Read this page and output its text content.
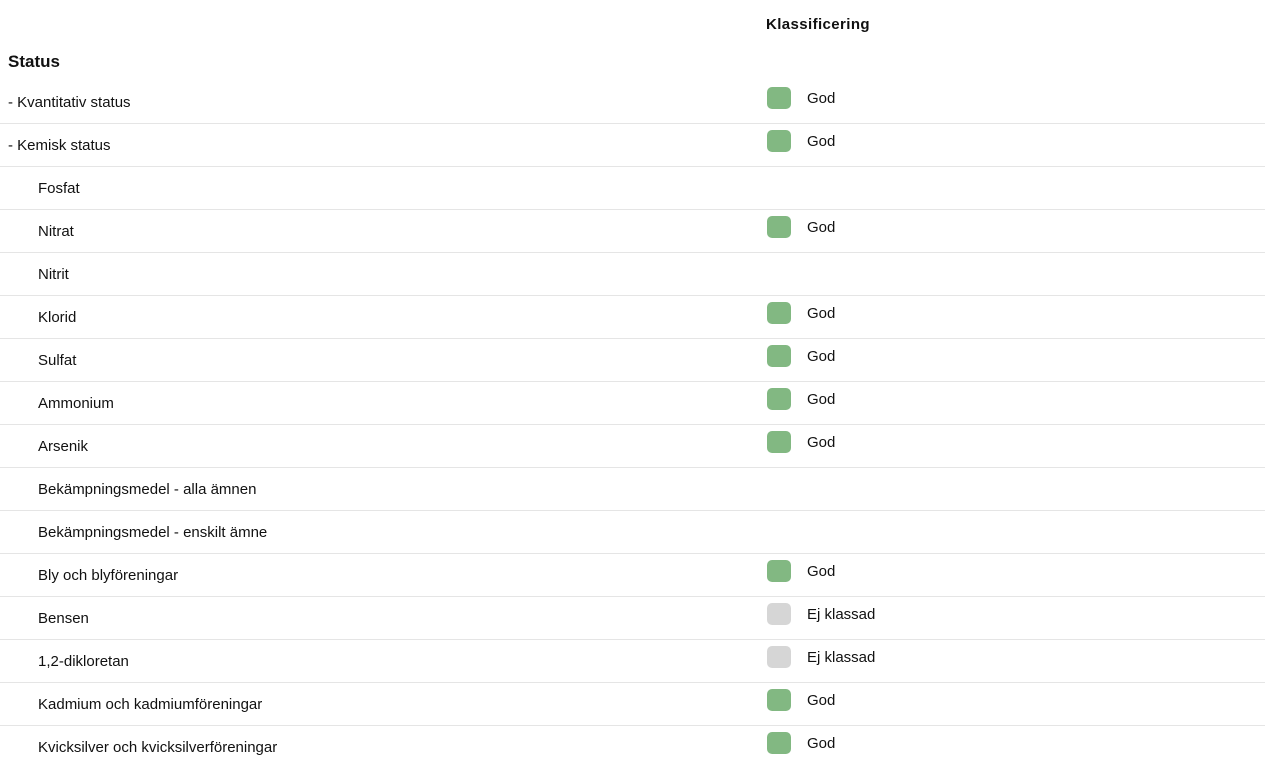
Klassificering
Status
- Kvantitativ status	God
- Kemisk status	God
Fosfat
Nitrat	God
Nitrit
Klorid	God
Sulfat	God
Ammonium	God
Arsenik	God
Bekämpningsmedel - alla ämnen
Bekämpningsmedel - enskilt ämne
Bly och blyföreningar	God
Bensen	Ej klassad
1,2-dikloretan	Ej klassad
Kadmium och kadmiumföreningar	God
Kvicksilver och kvicksilverföreningar	God
